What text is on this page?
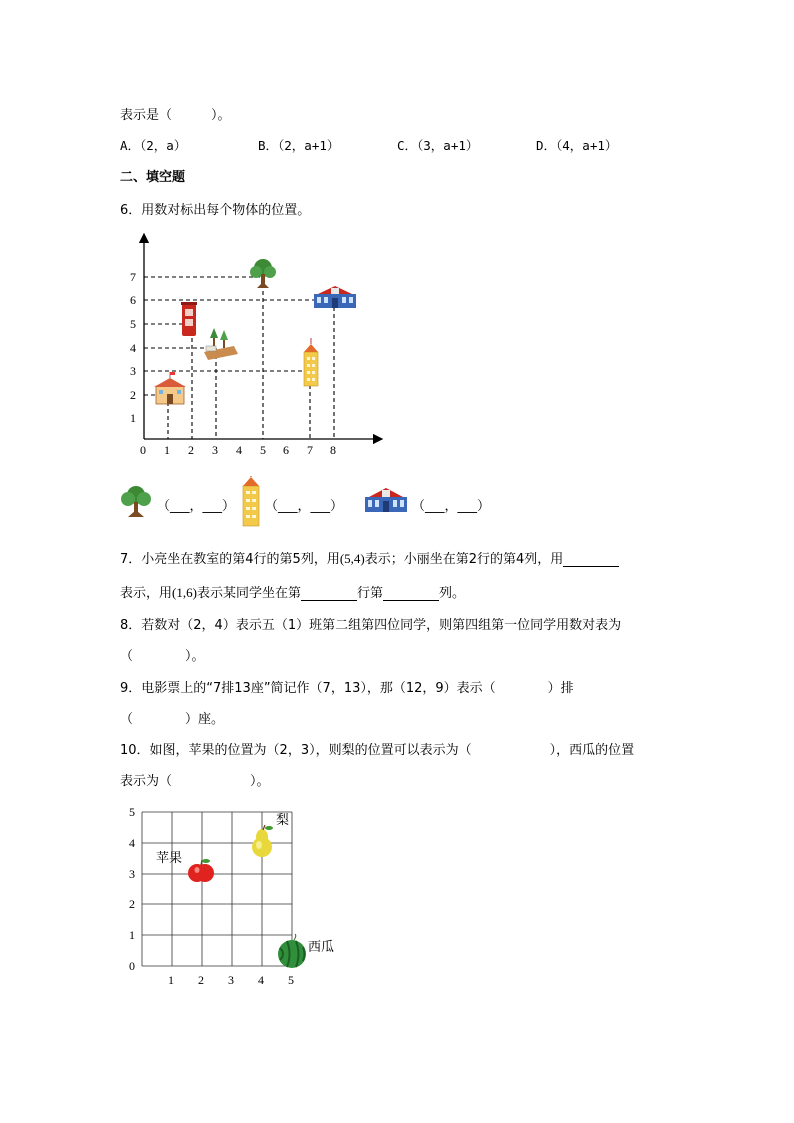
表示是（　　　）。
A．（2，a）	B．（2，a+1）	C．（3，a+1）	D．（4，a+1）
二、填空题
6．用数对标出每个物体的位置。
0 1 2 3 4 5 6 7 8
1
2
3
4
5
6
7
（___，___） （___，___）	（___，___）
7．小亮坐在教室的第4行的第5列，用(5,4)表示；小丽坐在第2行的第4列，用
表示，用(1,6)表示某同学坐在第	行第	列。
8．若数对（2，4）表示五（1）班第二组第四位同学，则第四组第一位同学用数对表为
（　　　　）。
9．电影票上的“7排13座”简记作（7，13），那（12，9）表示（　　　　）排
（　　　　）座。
10．如图，苹果的位置为（2，3），则梨的位置可以表示为（　　　　　　），西瓜的位置
表示为（　　　　　　）。
1 2 3 4 5
0
1
2
3
4
5
苹果
梨
西瓜
